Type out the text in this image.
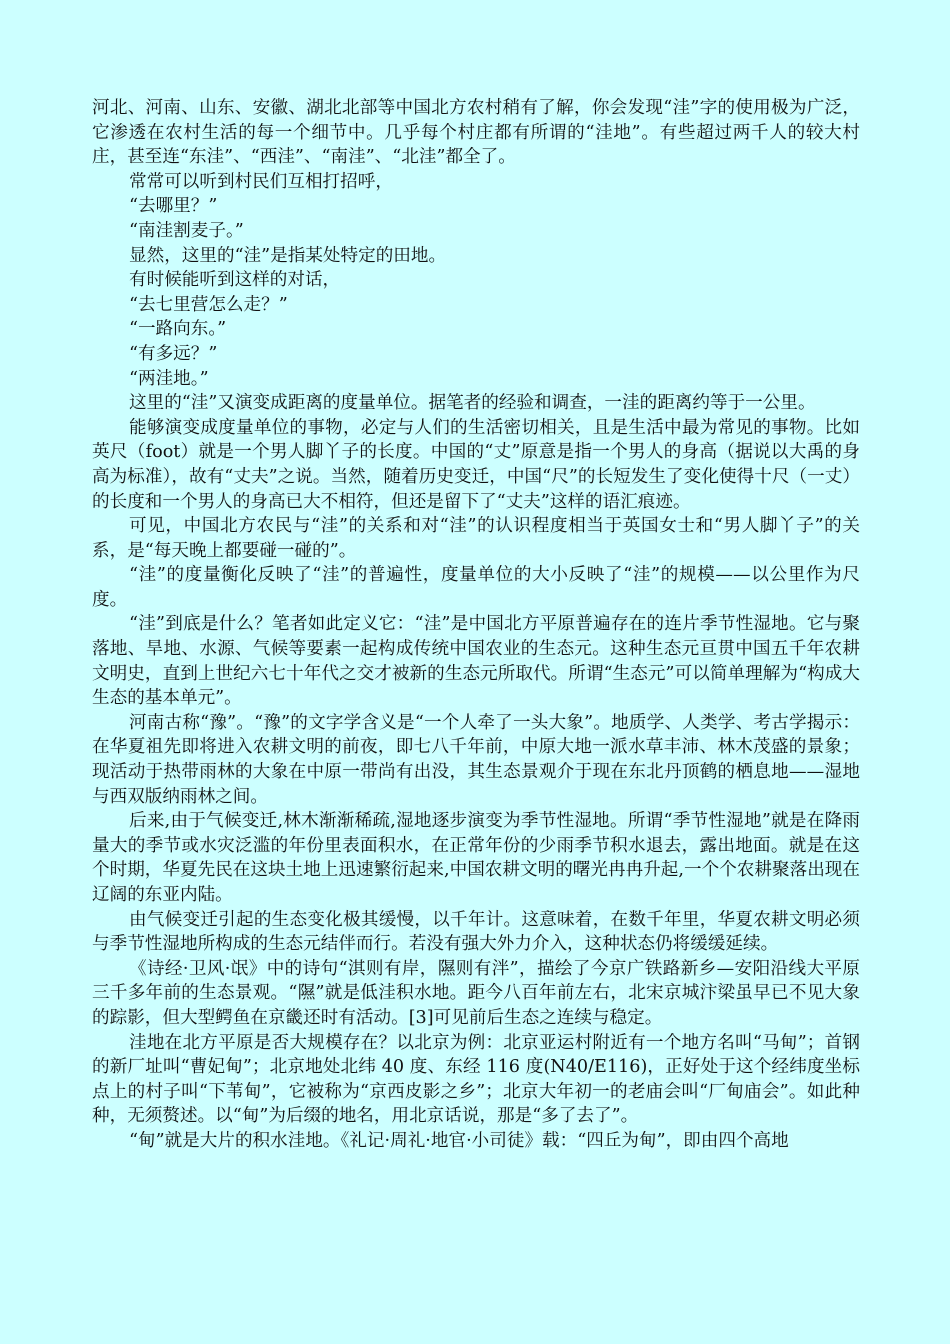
河北、河南、山东、安徽、湖北北部等中国北方农村稍有了解，你会发现“洼”字的使用极为广泛，它渗透在农村生活的每一个细节中。几乎每个村庄都有所谓的“洼地”。有些超过两千人的较大村庄，甚至连“东洼”、“西洼”、“南洼”、“北洼”都全了。

常常可以听到村民们互相打招呼，

“去哪里？”

“南洼割麦子。”

显然，这里的“洼”是指某处特定的田地。

有时候能听到这样的对话，

“去七里营怎么走？”

“一路向东。”

“有多远？”

“两洼地。”

这里的“洼”又演变成距离的度量单位。据笔者的经验和调查，一洼的距离约等于一公里。

能够演变成度量单位的事物，必定与人们的生活密切相关，且是生活中最为常见的事物。比如英尺（foot）就是一个男人脚丫子的长度。中国的“丈”原意是指一个男人的身高（据说以大禹的身高为标准），故有“丈夫”之说。当然，随着历史变迁，中国“尺”的长短发生了变化使得十尺（一丈）的长度和一个男人的身高已大不相符，但还是留下了“丈夫”这样的语汇痕迹。

可见，中国北方农民与“洼”的关系和对“洼”的认识程度相当于英国女士和“男人脚丫子”的关系，是“每天晚上都要碰一碰的”。

“洼”的度量衡化反映了“洼”的普遍性，度量单位的大小反映了“洼”的规模——以公里作为尺度。

“洼”到底是什么？笔者如此定义它：“洼”是中国北方平原普遍存在的连片季节性湿地。它与聚落地、旱地、水源、气候等要素一起构成传统中国农业的生态元。这种生态元亘贯中国五千年农耕文明史，直到上世纪六七十年代之交才被新的生态元所取代。所谓“生态元”可以简单理解为“构成大生态的基本单元”。

河南古称“豫”。“豫”的文字学含义是“一个人牵了一头大象”。地质学、人类学、考古学揭示：在华夏祖先即将进入农耕文明的前夜，即七八千年前，中原大地一派水草丰沛、林木茂盛的景象；现活动于热带雨林的大象在中原一带尚有出没，其生态景观介于现在东北丹顶鹤的栖息地——湿地与西双版纳雨林之间。

后来,由于气候变迁,林木渐渐稀疏,湿地逐步演变为季节性湿地。所谓“季节性湿地”就是在降雨量大的季节或水灾泛滥的年份里表面积水，在正常年份的少雨季节积水退去，露出地面。就是在这个时期，华夏先民在这块土地上迅速繁衍起来,中国农耕文明的曙光冉冉升起,一个个农耕聚落出现在辽阔的东亚内陆。

由气候变迁引起的生态变化极其缓慢，以千年计。这意味着，在数千年里，华夏农耕文明必须与季节性湿地所构成的生态元结伴而行。若没有强大外力介入，这种状态仍将缓缓延续。

《诗经·卫风·氓》中的诗句“淇则有岸，隰则有泮”，描绘了今京广铁路新乡—安阳沿线大平原三千多年前的生态景观。“隰”就是低洼积水地。距今八百年前左右，北宋京城汴梁虽早已不见大象的踪影，但大型鳄鱼在京畿还时有活动。[3]可见前后生态之连续与稳定。

洼地在北方平原是否大规模存在？以北京为例：北京亚运村附近有一个地方名叫“马甸”；首钢的新厂址叫“曹妃甸”；北京地处北纬 40 度、东经 116 度(N40/E116)，正好处于这个经纬度坐标点上的村子叫“下苇甸”，它被称为“京西皮影之乡”；北京大年初一的老庙会叫“厂甸庙会”。如此种种，无须赘述。以“甸”为后缀的地名，用北京话说，那是“多了去了”。

“甸”就是大片的积水洼地。《礼记·周礼·地官·小司徒》载：“四丘为甸”，即由四个高地
